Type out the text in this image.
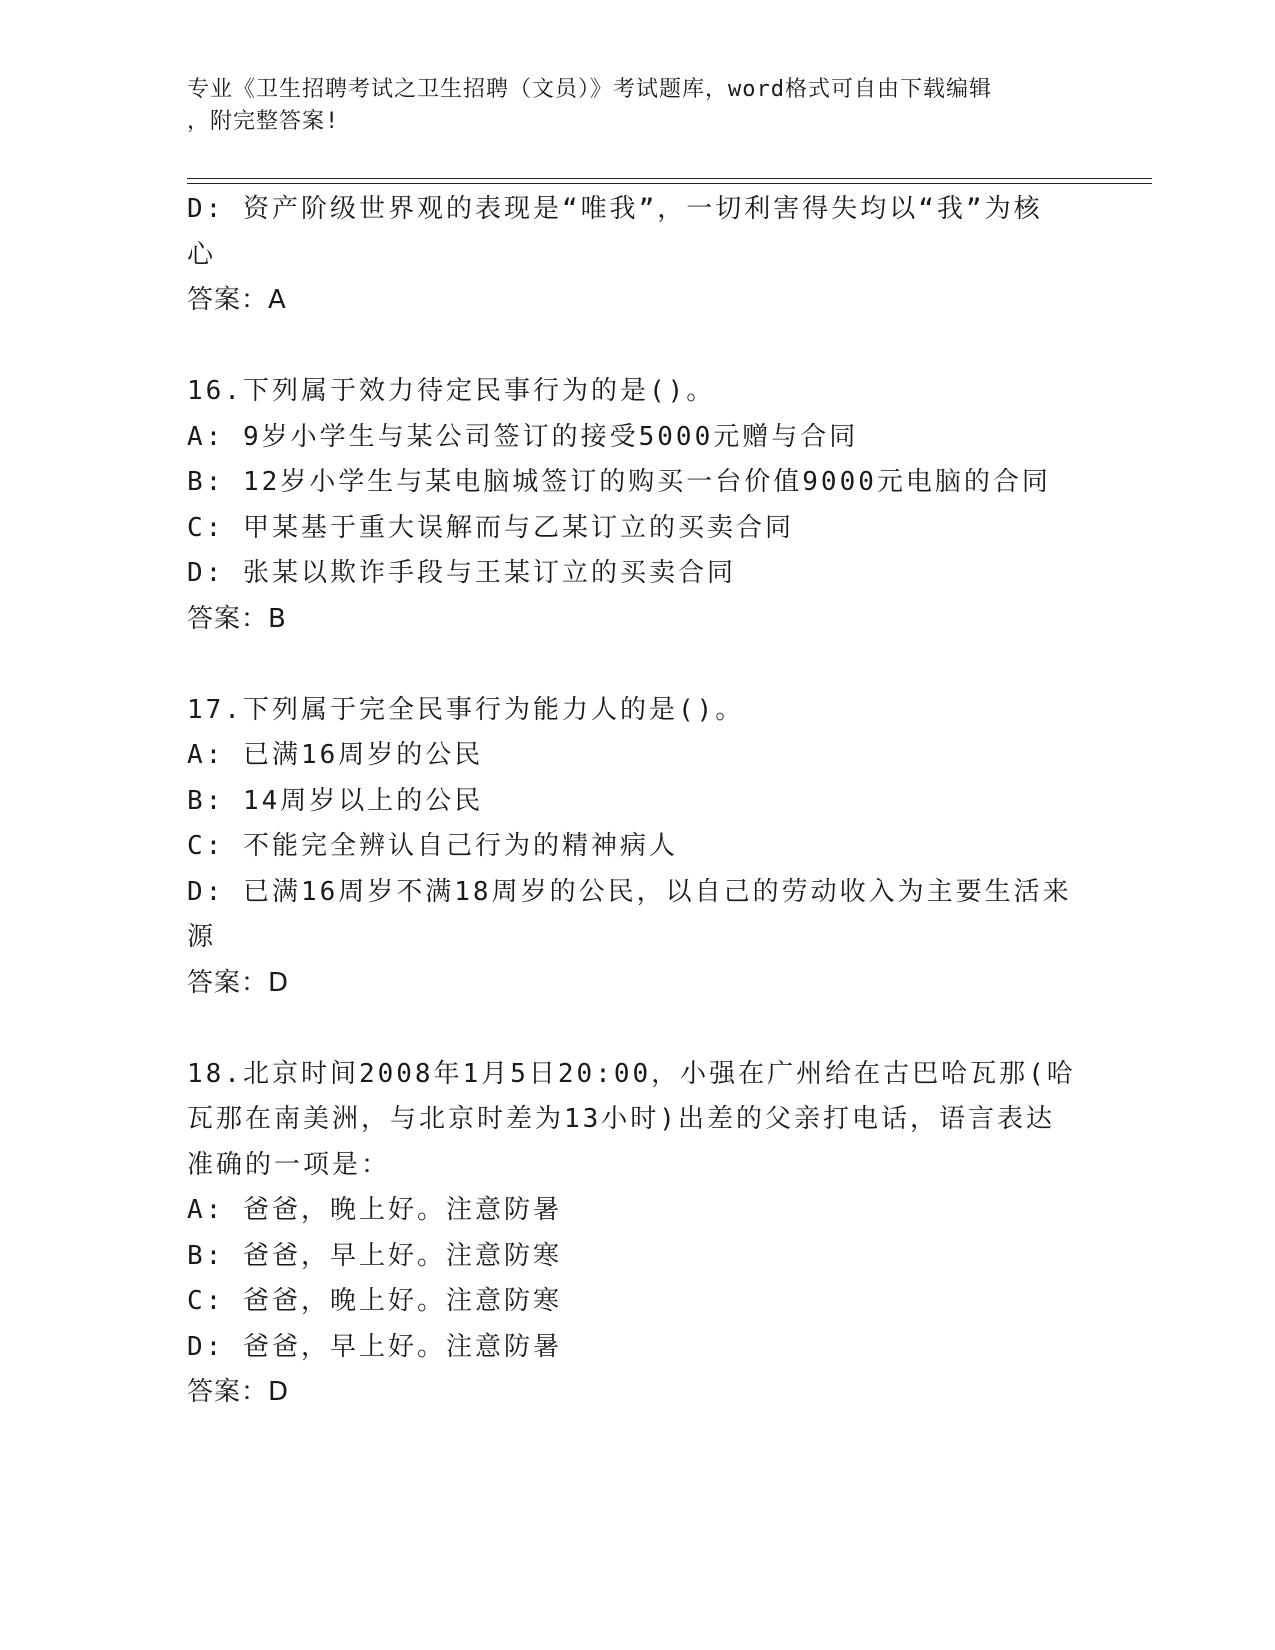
专业《卫生招聘考试之卫生招聘（文员）》考试题库，word格式可自由下载编辑
，附完整答案!
D: 资产阶级世界观的表现是“唯我”，一切利害得失均以“我”为核
心
答案：A
16.下列属于效力待定民事行为的是()。
A: 9岁小学生与某公司签订的接受5000元赠与合同
B: 12岁小学生与某电脑城签订的购买一台价值9000元电脑的合同
C: 甲某基于重大误解而与乙某订立的买卖合同
D: 张某以欺诈手段与王某订立的买卖合同
答案：B
17.下列属于完全民事行为能力人的是()。
A: 已满16周岁的公民
B: 14周岁以上的公民
C: 不能完全辨认自己行为的精神病人
D: 已满16周岁不满18周岁的公民，以自己的劳动收入为主要生活来
源
答案：D
18.北京时间2008年1月5日20:00，小强在广州给在古巴哈瓦那(哈
瓦那在南美洲，与北京时差为13小时)出差的父亲打电话，语言表达
准确的一项是：
A: 爸爸，晚上好。注意防暑
B: 爸爸，早上好。注意防寒
C: 爸爸，晚上好。注意防寒
D: 爸爸，早上好。注意防暑
答案：D
